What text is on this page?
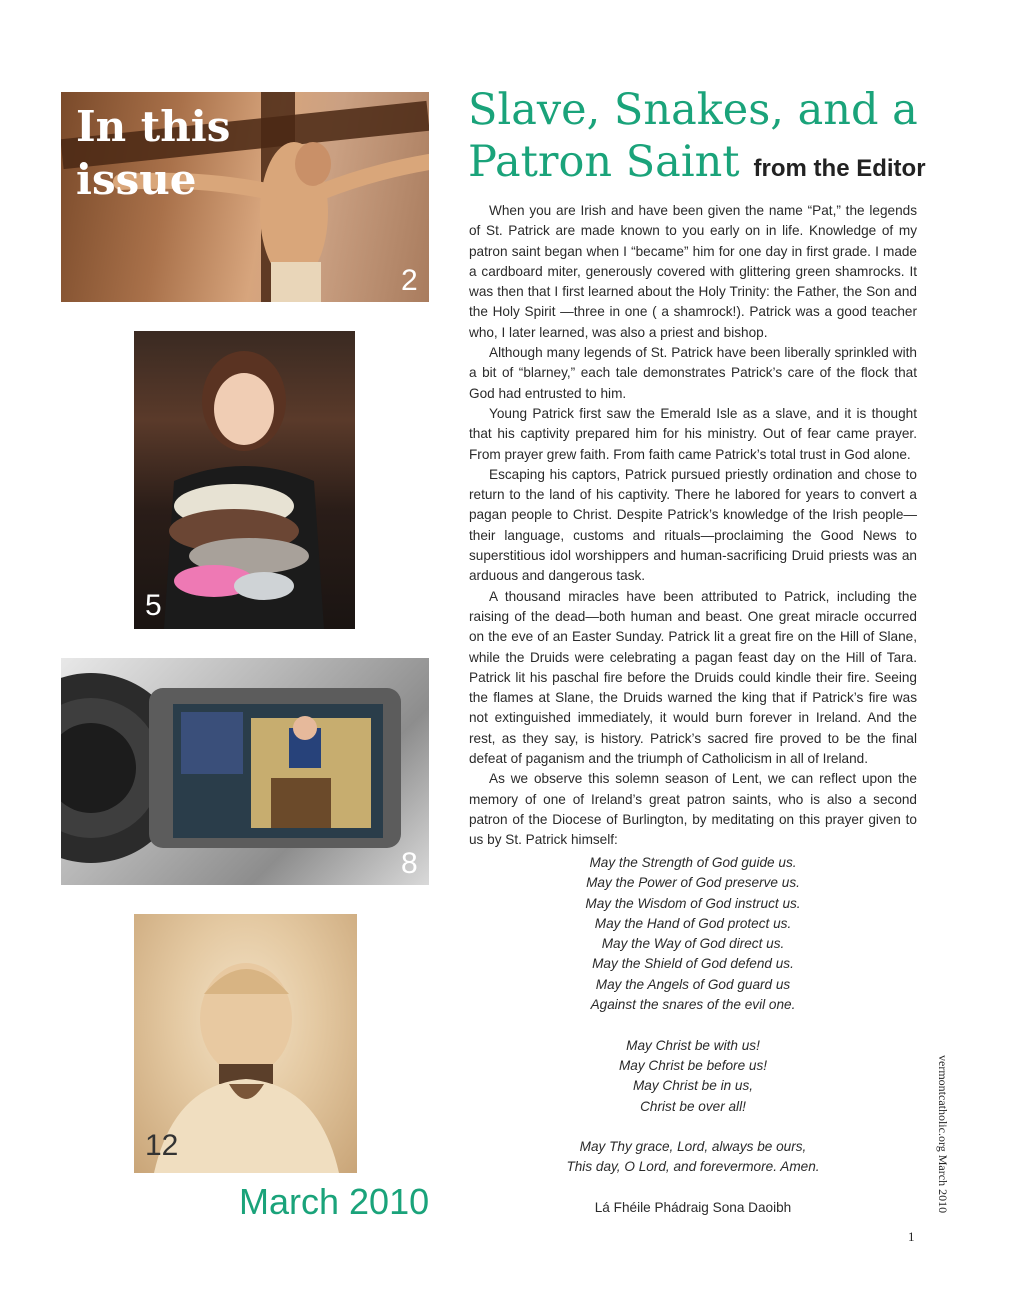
In this
issue
2
5
8
12

March 2010

Slave, Snakes, and a Patron Saint from the Editor

When you are Irish and have been given the name “Pat,” the legends of St. Patrick are made known to you early on in life. Knowledge of my patron saint began when I “became” him for one day in first grade. I made a cardboard miter, generously covered with glittering green shamrocks. It was then that I first learned about the Holy Trinity: the Father, the Son and the Holy Spirit —three in one ( a shamrock!). Patrick was a good teacher who, I later learned, was also a priest and bishop.

Although many legends of St. Patrick have been liberally sprinkled with a bit of “blarney,” each tale demonstrates Patrick’s care of the flock that God had entrusted to him.

Young Patrick first saw the Emerald Isle as a slave, and it is thought that his captivity prepared him for his ministry. Out of fear came prayer. From prayer grew faith. From faith came Patrick’s total trust in God alone.

Escaping his captors, Patrick pursued priestly ordination and chose to return to the land of his captivity. There he labored for years to convert a pagan people to Christ. Despite Patrick’s knowledge of the Irish people—their language, customs and rituals—proclaiming the Good News to superstitious idol worshippers and human-sacrificing Druid priests was an arduous and dangerous task.

A thousand miracles have been attributed to Patrick, including the raising of the dead—both human and beast. One great miracle occurred on the eve of an Easter Sunday. Patrick lit a great fire on the Hill of Slane, while the Druids were celebrating a pagan feast day on the Hill of Tara. Patrick lit his paschal fire before the Druids could kindle their fire. Seeing the flames at Slane, the Druids warned the king that if Patrick’s fire was not extinguished immediately, it would burn forever in Ireland. And the rest, as they say, is history. Patrick’s sacred fire proved to be the final defeat of paganism and the triumph of Catholicism in all of Ireland.

As we observe this solemn season of Lent, we can reflect upon the memory of one of Ireland’s great patron saints, who is also a second patron of the Diocese of Burlington, by meditating on this prayer given to us by St. Patrick himself:

May the Strength of God guide us.
May the Power of God preserve us.
May the Wisdom of God instruct us.
May the Hand of God protect us.
May the Way of God direct us.
May the Shield of God defend us.
May the Angels of God guard us
Against the snares of the evil one.
May Christ be with us!
May Christ be before us!
May Christ be in us,
Christ be over all!
May Thy grace, Lord, always be ours,
This day, O Lord, and forevermore. Amen.

Lá Fhéile Phádraig Sona Daoibh	vermontcatholic.org March 2010
1
